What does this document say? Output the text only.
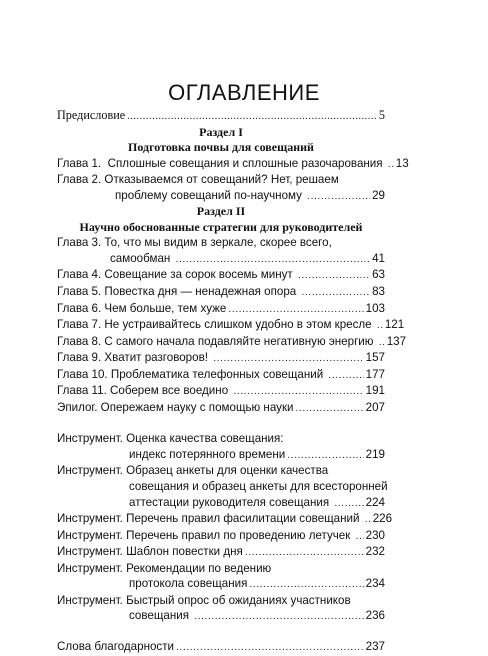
ОГЛАВЛЕНИЕ
Предисловие .....	5
Раздел I
Подготовка почвы для совещаний
Глава 1.  Сплошные совещания и сплошные разочарования ..... 13
Глава 2. Отказываемся от совещаний? Нет, решаем
проблему совещаний по-научному .....	29
Раздел II
Научно обоснованные стратегии для руководителей
Глава 3. То, что мы видим в зеркале, скорее всего,
самообман .....	41
Глава 4. Совещание за сорок восемь минут .....	63
Глава 5. Повестка дня — ненадежная опора .....	83
Глава 6. Чем больше, тем хуже .....	103
Глава 7. Не устраивайтесь слишком удобно в этом кресле ..... 121
Глава 8. С самого начала подавляйте негативную энергию ..... 137
Глава 9. Хватит разговоров! .....	157
Глава 10. Проблематика телефонных совещаний .....	177
Глава 11. Соберем все воедино .....	191
Эпилог. Опережаем науку с помощью науки .....	207
Инструмент. Оценка качества совещания:
индекс потерянного времени .....	219
Инструмент. Образец анкеты для оценки качества
совещания и образец анкеты для всесторонней
аттестации руководителя совещания .....	224
Инструмент. Перечень правил фасилитации совещаний ..... 226
Инструмент. Перечень правил по проведению летучек ..... 230
Инструмент. Шаблон повестки дня .....	232
Инструмент. Рекомендации по ведению
протокола совещания .....	234
Инструмент. Быстрый опрос об ожиданиях участников
совещания .....	236
Слова благодарности .....	237
